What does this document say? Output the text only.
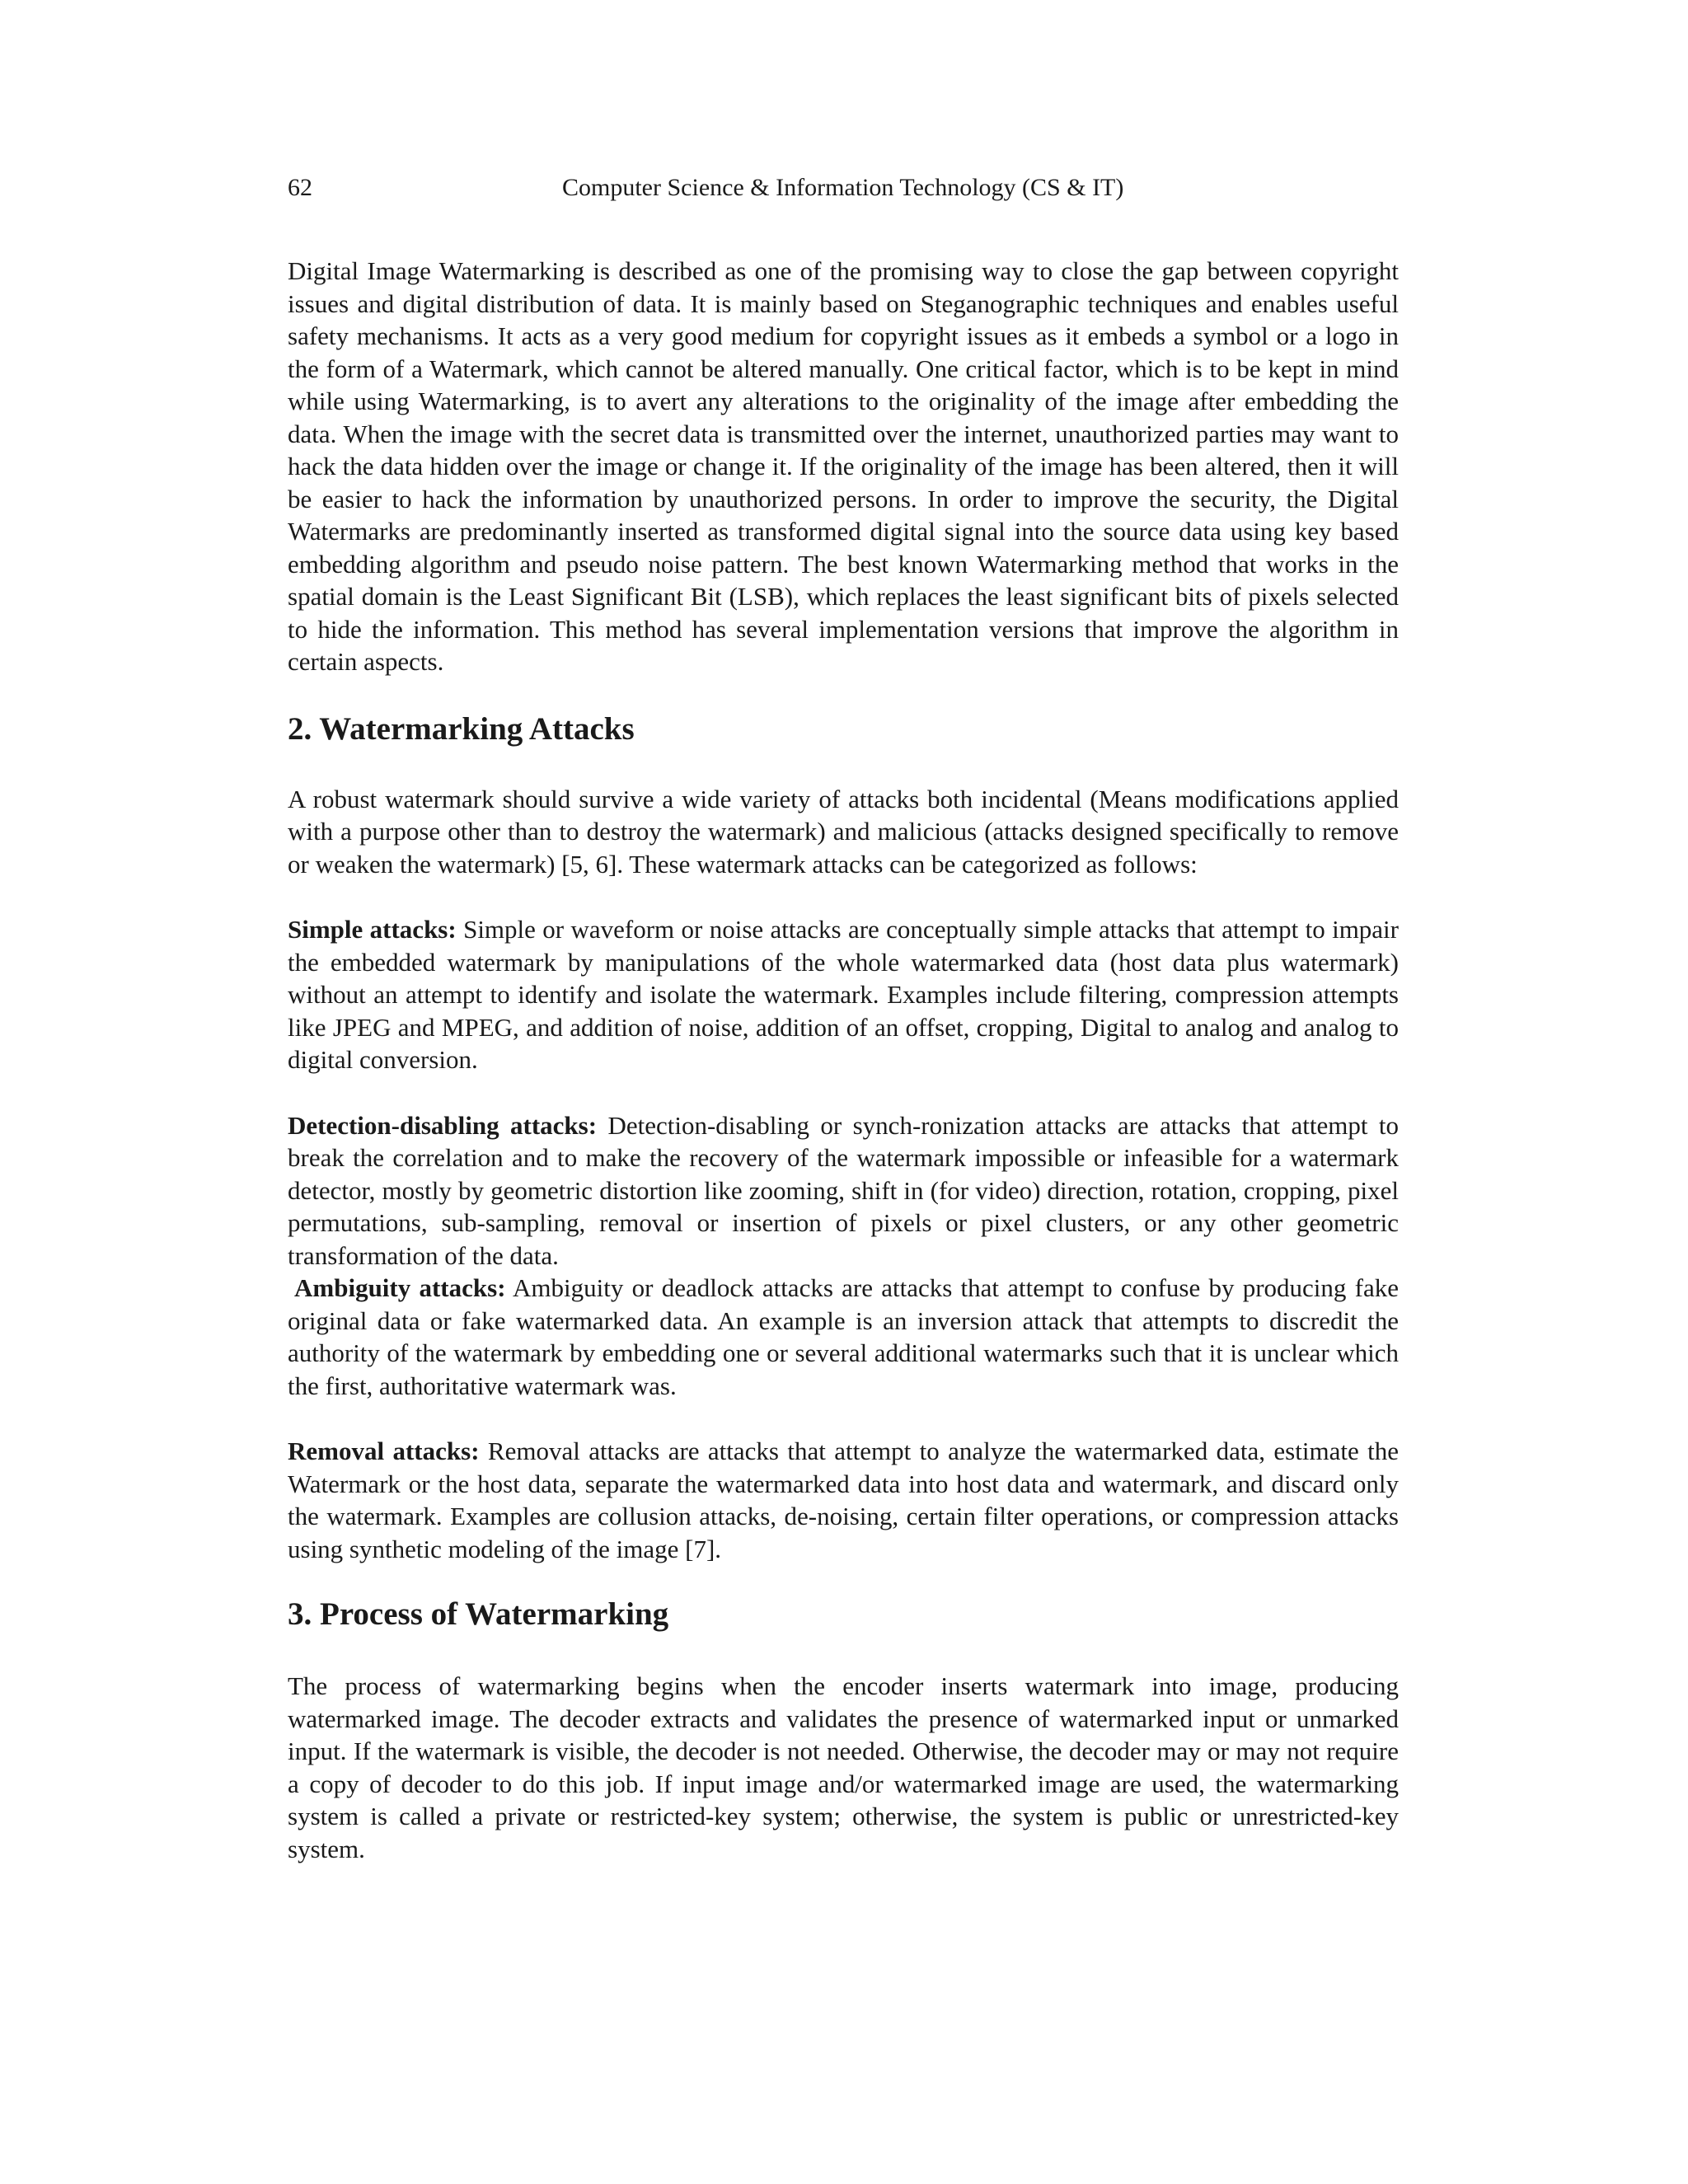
62	Computer Science & Information Technology (CS & IT)

Digital Image Watermarking is described as one of the promising way to close the gap between copyright issues and digital distribution of data. It is mainly based on Steganographic techniques and enables useful safety mechanisms. It acts as a very good medium for copyright issues as it embeds a symbol or a logo in the form of a Watermark, which cannot be altered manually. One critical factor, which is to be kept in mind while using Watermarking, is to avert any alterations to the originality of the image after embedding the data. When the image with the secret data is transmitted over the internet, unauthorized parties may want to hack the data hidden over the image or change it. If the originality of the image has been altered, then it will be easier to hack the information by unauthorized persons. In order to improve the security, the Digital Watermarks are predominantly inserted as transformed digital signal into the source data using key based embedding algorithm and pseudo noise pattern. The best known Watermarking method that works in the spatial domain is the Least Significant Bit (LSB), which replaces the least significant bits of pixels selected to hide the information. This method has several implementation versions that improve the algorithm in certain aspects.

2. Watermarking Attacks

A robust watermark should survive a wide variety of attacks both incidental (Means modifications applied with a purpose other than to destroy the watermark) and malicious (attacks designed specifically to remove or weaken the watermark) [5, 6]. These watermark attacks can be categorized as follows:

Simple attacks: Simple or waveform or noise attacks are conceptually simple attacks that attempt to impair the embedded watermark by manipulations of the whole watermarked data (host data plus watermark) without an attempt to identify and isolate the watermark. Examples include filtering, compression attempts like JPEG and MPEG, and addition of noise, addition of an offset, cropping, Digital to analog and analog to digital conversion.

Detection-disabling attacks: Detection-disabling or synch-ronization attacks are attacks that attempt to break the correlation and to make the recovery of the watermark impossible or infeasible for a watermark detector, mostly by geometric distortion like zooming, shift in (for video) direction, rotation, cropping, pixel permutations, sub-sampling, removal or insertion of pixels or pixel clusters, or any other geometric transformation of the data.

Ambiguity attacks: Ambiguity or deadlock attacks are attacks that attempt to confuse by producing fake original data or fake watermarked data. An example is an inversion attack that attempts to discredit the authority of the watermark by embedding one or several additional watermarks such that it is unclear which the first, authoritative watermark was.

Removal attacks: Removal attacks are attacks that attempt to analyze the watermarked data, estimate the Watermark or the host data, separate the watermarked data into host data and watermark, and discard only the watermark. Examples are collusion attacks, de-noising, certain filter operations, or compression attacks using synthetic modeling of the image [7].

3. Process of Watermarking

The process of watermarking begins when the encoder inserts watermark into image, producing watermarked image. The decoder extracts and validates the presence of watermarked input or unmarked input. If the watermark is visible, the decoder is not needed. Otherwise, the decoder may or may not require a copy of decoder to do this job. If input image and/or watermarked image are used, the watermarking system is called a private or restricted-key system; otherwise, the system is public or unrestricted-key system.
